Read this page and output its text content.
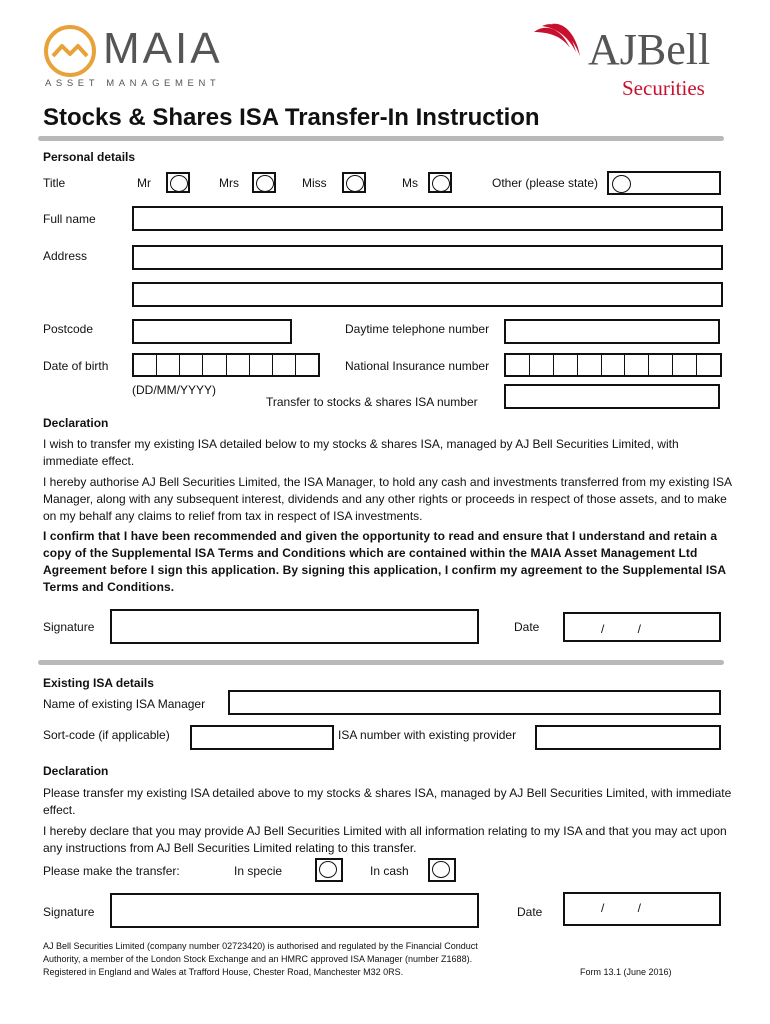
MAIA
ASSET MANAGEMENT
AJBell
Securities
Stocks & Shares ISA Transfer-In Instruction
Personal details
Title	Mr	Mrs	Miss	Ms	Other (please state)
Full name
Address
Postcode	Daytime telephone number
Date of birth	National Insurance number
(DD/MM/YYYY)
Transfer to stocks & shares ISA number
Declaration
I wish to transfer my existing ISA detailed below to my stocks & shares ISA, managed by AJ Bell Securities Limited, with immediate effect.
I hereby authorise AJ Bell Securities Limited, the ISA Manager, to hold any cash and investments transferred from my existing ISA Manager, along with any subsequent interest, dividends and any other rights or proceeds in respect of those assets, and to make on my behalf any claims to relief from tax in respect of ISA investments.
I confirm that I have been recommended and given the opportunity to read and ensure that I understand and retain a copy of the Supplemental ISA Terms and Conditions which are contained within the MAIA Asset Management Ltd Agreement before I sign this application. By signing this application, I confirm my agreement to the Supplemental ISA Terms and Conditions.
Signature	Date	/          /
Existing ISA details
Name of existing ISA Manager
Sort-code (if applicable)	ISA number with existing provider
Declaration
Please transfer my existing ISA detailed above to my stocks & shares ISA, managed by AJ Bell Securities Limited, with immediate effect.
I hereby declare that you may provide AJ Bell Securities Limited with all information relating to my ISA and that you may act upon any instructions from AJ Bell Securities Limited relating to this transfer.
Please make the transfer:	In specie	In cash
Signature	Date	/          /
AJ Bell Securities Limited (company number 02723420) is authorised and regulated by the Financial Conduct
Authority, a member of the London Stock Exchange and an HMRC approved ISA Manager (number Z1688).
Registered in England and Wales at Trafford House, Chester Road, Manchester M32 0RS.	Form 13.1 (June 2016)
